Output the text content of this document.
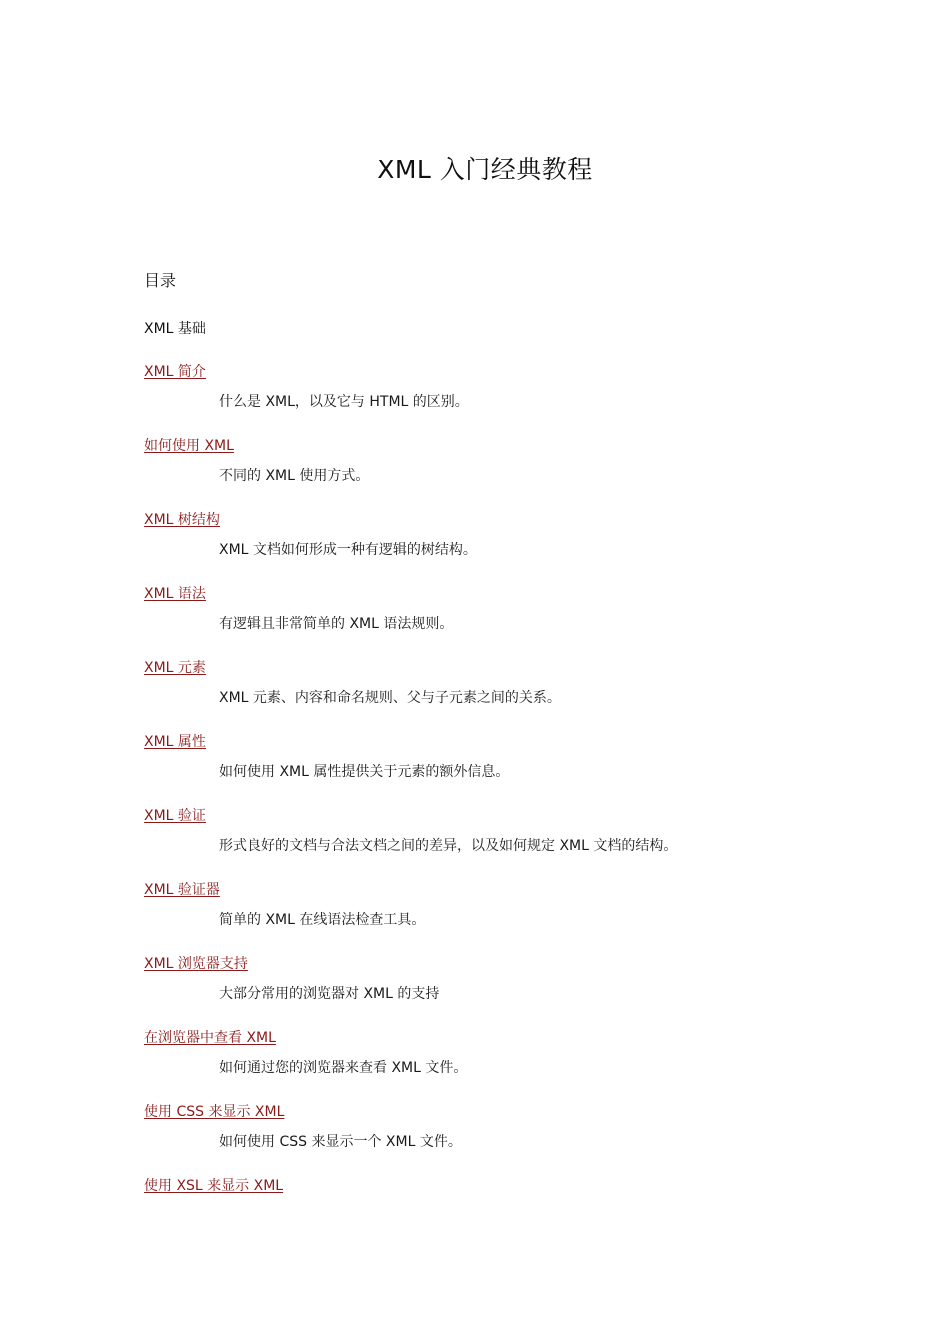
XML 入门经典教程
目录
XML 基础
XML 简介
什么是 XML，以及它与 HTML 的区别。
如何使用 XML
不同的 XML 使用方式。
XML 树结构
XML 文档如何形成一种有逻辑的树结构。
XML 语法
有逻辑且非常简单的 XML 语法规则。
XML 元素
XML 元素、内容和命名规则、父与子元素之间的关系。
XML 属性
如何使用 XML 属性提供关于元素的额外信息。
XML 验证
形式良好的文档与合法文档之间的差异，以及如何规定 XML 文档的结构。
XML 验证器
简单的 XML 在线语法检查工具。
XML 浏览器支持
大部分常用的浏览器对 XML 的支持
在浏览器中查看 XML
如何通过您的浏览器来查看 XML 文件。
使用 CSS 来显示 XML
如何使用 CSS 来显示一个 XML 文件。
使用 XSL 来显示 XML
